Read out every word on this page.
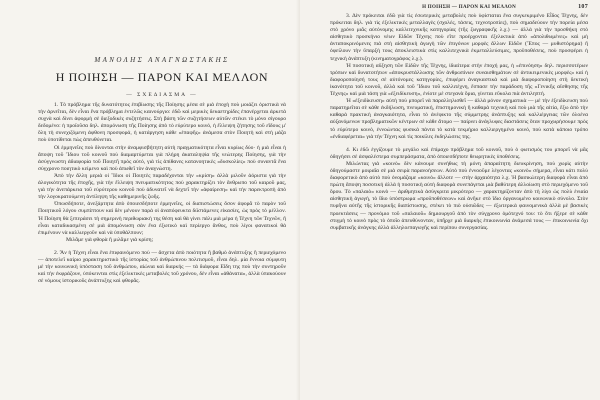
ΜΑΝΟΛΗΣ ΑΝΑΓΝΩΣΤΑΚΗΣ
Η ΠΟΙΗΣΗ — ΠΑΡΟΝ ΚΑΙ ΜΕΛΛΟΝ
— ΣΧΕΔΙΑΣΜΑ —

1. Τὸ πρόβλημα τῆς δυνατότητος ἐπιβίωσης τῆς Ποίησης μέσα σὲ μιὰ ἐποχὴ ποὺ μοιάζει ὁριστικὰ νὰ τὴν ἀρνεῖται, δὲν εἶναι ἕνα πρόβλημα ἐντελῶς καινούργιο: ἐδῶ καὶ μερικὲς δεκαετηρίδες ἐπανέρχεται ἀρκετὰ συχνὰ καὶ δίνει ἀφορμὴ σὲ διεξοδικὲς συζητήσεις. Στὴ βάση τῶν συζητήσεων αὐτῶν στέκει τὸ μόνο σίγουρο δεδομένο: ἡ προϊοῦσα δηλ. ἀπομόνωση τῆς Ποίησης ἀπὸ τὸ εὐρύτερο κοινό, ἡ ἔλλειψη ζήτησης τοῦ εἴδους μ' ὅλη τὴ συνεχιζόμενη ἀφθονη προσφορά, ἡ κατάργηση κάθε «ἐπαφῆς» ἀνάμεσα στὸν Ποιητὴ καὶ στὴ μάζα ποὺ ὑποτίθεται πὼς ἀπευθύνεται.

Οἱ ἑρμηνεῖες ποὺ δίνονται στὴν ἀναμφισβήτητη αὐτὴ πραγματικότητα εἶναι κυρίως δύο· ἡ μιὰ εἶναι ἡ ἄποψη τοῦ Ἴδιου τοῦ κοινοῦ ποὺ διαμαρτύρεται γιὰ πλήρη ἀκαταληψία τῆς νεώτερης Ποίησης, γιὰ τὴν ἀσύγγνωστη ἀδιαφορία τοῦ Ποιητῆ πρὸς αὐτό, γιὰ τὶς ἀπίθανες κατανοητικὲς «δυσκολίες» ποὺ συναντᾶ ἕνα σύγχρονο ποιητικὸ κείμενο καὶ ποὺ ἀπωθεῖ τὸν ἀναγνώστη.

Ἀπὸ τὴν ἄλλη μεριὰ οἱ Ἴδιοι οἱ Ποιητὲς παραδέχονται τὴν «κρίση» ἀλλὰ μιλοῦν ἀόριστα γιὰ τὴν ἀλογικότητα τῆς ἐποχῆς, γιὰ τὴν ἔλλειψη πνευματικότητος ποὺ χαρακτηρίζει τὸν ἄνθρωπο τοῦ καιροῦ μας, γιὰ τὴν ἀνεπάρκεια τοῦ εὐρύτερου κοινοῦ ποὺ ἀδυνατεῖ νὰ δεχτεῖ τὴν «ἀφαίρεση» καὶ τὴν παρεκτροπὴ ἀπὸ τὴν λογοκρατούμενη ἀντίληψη τῆς καθημερινῆς ζωῆς.

Ὁπωσδήποτε, ἀνεξάρτητα ἀπὸ ὁποιεσδήποτε ἑρμηνεῖες, οἱ διαπιστώσεις ὅσον ἀφορᾶ τὸ παρὸν τοῦ Ποιητικοῦ λόγου συμπίπτουν καὶ δὲν μένουν παρὰ οἱ ἀναπόφευκτα διϊστάμενες εἰκασίες, ὡς πρὸς τὸ μέλλον. Ἡ Ποίηση θὰ ξεπεράσει τὴ σημερινὴ περιθωριακή της θέση καὶ θὰ γίνει πάλι μιὰ μέρα ἡ Τέχνη τῶν Τεχνῶν, ἢ εἶναι καταδικασμένη σὲ μιὰ ἀπομόνωση σὰν ἕνα ἐξωτικὸ καὶ περίεργο ἄνθος, ποὺ λίγοι φανατικοὶ θὰ ἐπιμένουν νὰ καλλιεργοῦν καὶ νὰ ὑποθάλπουν;

Μιλᾶμε γιὰ φθορὰ ἢ μιλᾶμε γιὰ κρίση;

2. Ἂν ἡ Τέχνη εἶναι ἕνα ἐπιφαινόμενο ποὺ — ἄσχετα ἀπὸ ποιότητα ἢ βαθμὸ ἀνάπτυξης ἢ περιεχόμενο — ἀποτελεῖ καίριο χαρακτηριστικὸ τῆς ἱστορίας τοῦ ἀνθρώπινου πολιτισμοῦ, εἶναι δηλ. μία ἔννοια σύμφυτη μὲ τὴν κοινωνικὴ ὑπόσταση τοῦ ἀνθρώπου, αἰώνια καὶ διαρκής — τὰ διάφορα Εἴδη της ποὺ τὴν συντηροῦν καὶ τὴν ἐκφράζουν, ὑπόκεινται στὶς ἐξελικτικὲς μεταβολὲς τοῦ χρόνου, δὲν εἶναι «ἀθάνατα», ἀλλὰ ὑπακούουν σὲ νόμους ἱστορικοῦς ἀνάπτυξης καὶ φθορᾶς.

Η ΠΟΙΗΣΗ — ΠΑΡΟΝ ΚΑΙ ΜΕΛΛΟΝ	107

3. Δὲν πρόκειται ἐδῶ γιὰ τὶς ἐσωτερικὲς μεταβολὲς ποὺ ὑφίσταται ἕνα συγκεκριμένο Εἶδος Τέχνης, δὲν πρόκειται δηλ. γιὰ τὶς ἐξελικτικὲς μεταλλαγὲς (σχολές, τάσεις, τεχνοτροπίες), ποὺ σημαδεύουν τὴν πορεία μέσα στὸ χρόνο μιᾶς αὐτόνομης καλλιτεχνικῆς κατηγορίας (τῆς ζωγραφικῆς λ.χ.) — ἀλλὰ γιὰ τὴν προσθήκη στὸ αἰσθητικὸ προσκήνιο νέων Εἰδῶν Τέχνης ποὺ εἴτε προέρχονται ἐξελικτικὰ ἀπὸ «ἀπολιθωμένες» καὶ μὴ ἀνταποκρινόμενες πιὰ στὴ αἰσθητικὴ ἀγωγὴ τῶν ἐπιγόνων μορφὲς ἄλλων Εἰδῶν (Ἔπος — μυθιστόρημα) ἢ ὀφείλουν τὴν ὕπαρξή τους ἀποκλειστικὰ στὶς καλλιτεχνικὰ ἐκμεταλλεύσιμες, προϋποθέσεις, ποὺ προσφέρει ἡ τεχνικὴ ἀνάπτυξη (κινηματογράφος λ.χ.).

Ἡ ποσοτικὴ αὔξηση τῶν Εἰδῶν τῆς Τέχνης, ἰδιαίτερα στὴν ἐποχή μας, ἡ «ἐπινόηση» δηλ. περισσοτέρων τρόπων καὶ δυνατοτήτων «ἀποκρυστάλλωσης τῶν ἀνθρωπίνων συναισθημάτων σὲ ἀντικειμενικὲς μορφὲς» καὶ ἡ διαφοροποίησή τους σὲ αὐτόνομες κατηγορίες, ἐπιφέρει ἀναγκαστικὰ καὶ μιὰ διαφοροποίηση στὴ δεκτικὴ ἱκανότητα τοῦ κοινοῦ, ἀλλὰ καὶ τοῦ Ἴδιου τοῦ καλλιτέχνη, ἔσπασε τὴν παράδοση τῆς «Γενικῆς αἴσθησης τῆς Τέχνης» καὶ μιὰ τάση γιὰ «ἐξειδίκευση», ἐνίοτε μὲ στεγανὰ ὅρια, γίνεται εὔκολα πιὰ ἀντιληπτή.

Ἡ «ἐξειδίκευση» αὐτὴ ποὺ μπορεῖ νὰ παραλληλισθεῖ — ἀλλὰ μόνον σχηματικὰ — μὲ τὴν ἐξειδίκευση ποὺ παρατηρεῖται σὲ κάθε ἐκδήλωση, πνευματική, ἐπιστημονικὴ ἢ καθαρὰ τεχνικὴ καὶ ποὺ μιὰ τῆς αἰτία, ἔξω ἀπὸ τὴν καθαρὰ πρακτικὴ ἀναγκαιότητα, εἶναι τὸ ἀνέφικτο τῆς σύμμετρης ἀνάπτυξης καὶ καλλιέργειας τῶν ὁλοένα αὐξανόμενων προβληματικῶν κέντρων σὲ κάθε ἄτομο — παίρνει ἀνάγλυφες διαστάσεις ὅταν προχωρήσουμε πρὸς τὸ εὐρύτερο κοινό, ἐννοώντας φυσικὰ πάντα τὸ κατὰ τεκμήριο καλλιεργημένο κοινό, ποὺ κατὰ κάποιο τρόπο «ἐνδιαφέρεται» γιὰ τὴν Τέχνη καὶ τὶς ποικίλες ἐκδηλώσεις της.

4. Κι ἐδῶ ἐγγίζουμε τὸ μεγάλο καὶ ἐπίμαχο πρόβλημα τοῦ κοινοῦ, ποὺ ὁ φωτισμός του μπορεῖ νὰ μᾶς ὁδηγήσει σὲ ἀσφαλέστερα συμπεράσματα, ἀπὸ ὁποιεσδήποτε θεωρητικὲς ὑποθέσεις.

Μιλώντας γιὰ «κοινὸ» δὲν κάνουμε συνήθως τὴ μόνη ἀπαραίτητη διευκρίνηση, ποὺ χωρὶς αὐτὴν ὁδηγούμαστε μοιραῖα σὲ μιὰ σειρὰ παρανοήσεων. Αὐτὸ ποὺ ἐννοοῦμε λέγοντας «κοινὸ» σήμερα, εἶναι κάτι πολὺ διαφορετικὸ ἀπὸ αὐτὸ ποὺ ὀνομάζαμε «κοινὸ» ἄλλοτε — στὴν ἀρχαιότητα λ.χ. Ἡ βασικώτερη διαφορὰ εἶναι ἀπὸ πρώτη ἄποψη ποσοτική ἀλλὰ ἡ ποσοτικὴ αὐτὴ διαφορὰ συνεπάγεται μιὰ βαθύτερη ἀλλοίωση στὸ περιεχόμενο τοῦ ὅρου. Τὸ «παλαιὸ» κοινὸ — ἀριθμητικὰ ἀσύγκριτα μικρότερο — χαρακτηρίζονταν ἀπὸ τὴ λίγο ὡς πολὺ ἐνιαία αἰσθητικὴ ἀγωγή, τὸ ἴδιο ὑπόστρωμα «προϋποθέσεων» καὶ ἀνῆκε στὸ ἴδιο ὀργανωμένο κοινωνικὸ σύνολο. Στὸν πυρῆνα αὐτῆς τῆς ἱστορικῆς διαπίστωσης, στέκει τὸ πιὸ οὐσιῶδες — ἐξωτερικὰ φαινομενικὰ ἀλλὰ μὲ βασικὲς προεκτάσεις — προνόμιο τοῦ «παλαιοῦ» δημιουργοῦ ἀπὸ τὸν σύγχρονο ὁμότεχνό του: τὸ ὅτι ἤξερε σὲ κάθε στιγμὴ τὸ κοινὸ πρὸς τὸ ὁποῖο ἀπευθύνονταν, ὑπῆρχε μιὰ διαρκὴς ἐπικοινωνία ἀνάμεσά τους — ἐπικοινωνία ὄχι συμβατικῆς ἀνάγκης ἀλλὰ ἀλληλοεπαγωγῆς καὶ περίπου συνεργασίας.
